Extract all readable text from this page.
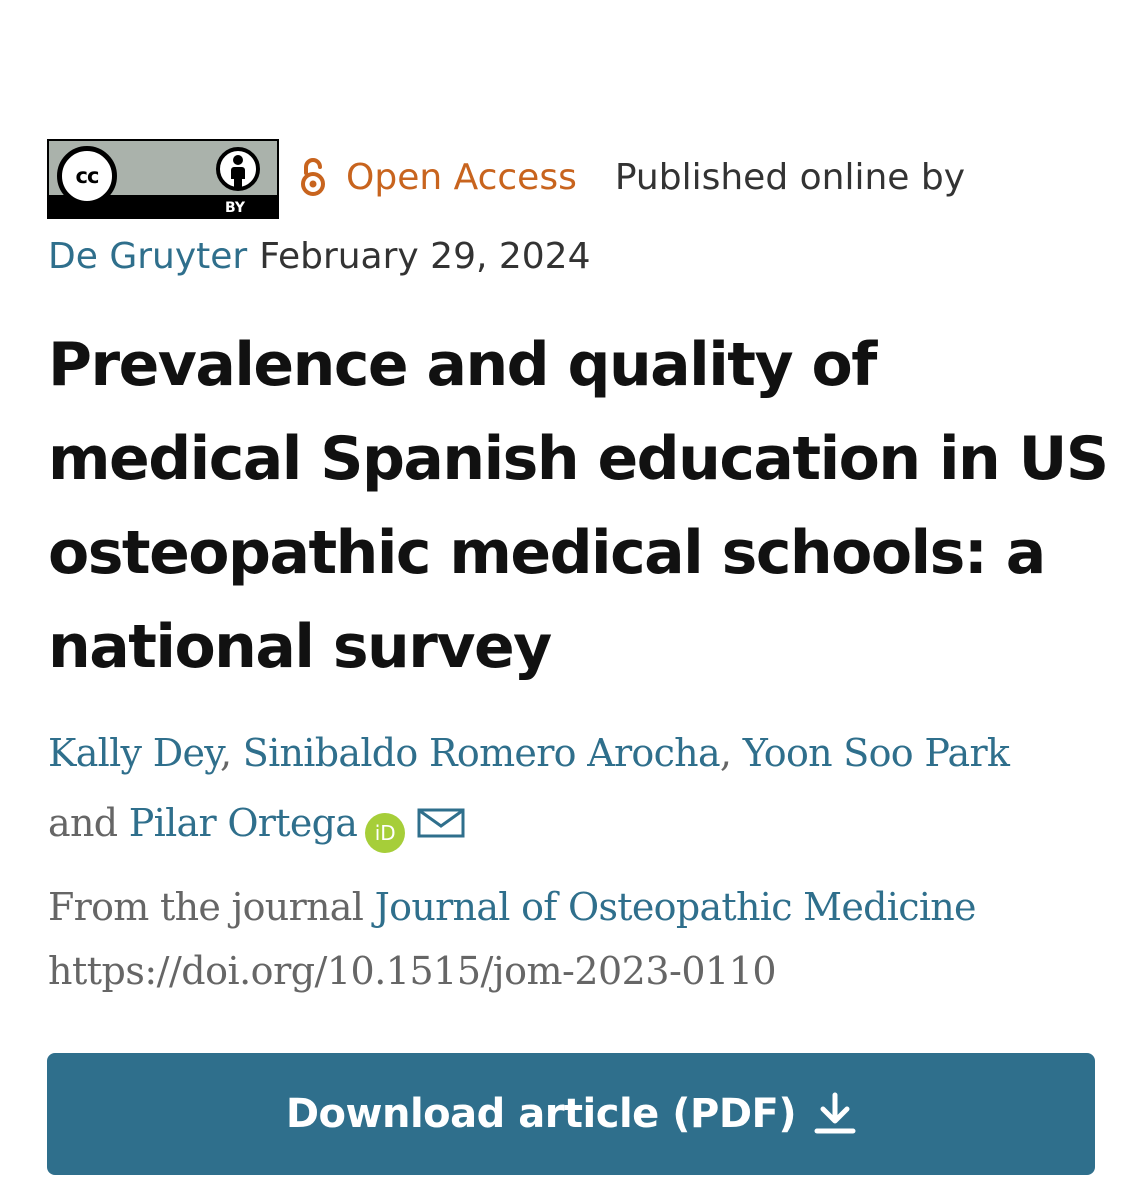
cc
BY
Open Access Published online by
De Gruyter February 29, 2024
Prevalence and quality of medical Spanish education in US osteopathic medical schools: a national survey
Kally Dey, Sinibaldo Romero Arocha, Yoon Soo Park
and Pilar Ortega iD
From the journal Journal of Osteopathic Medicine
https://doi.org/10.1515/jom-2023-0110
Download article (PDF)
